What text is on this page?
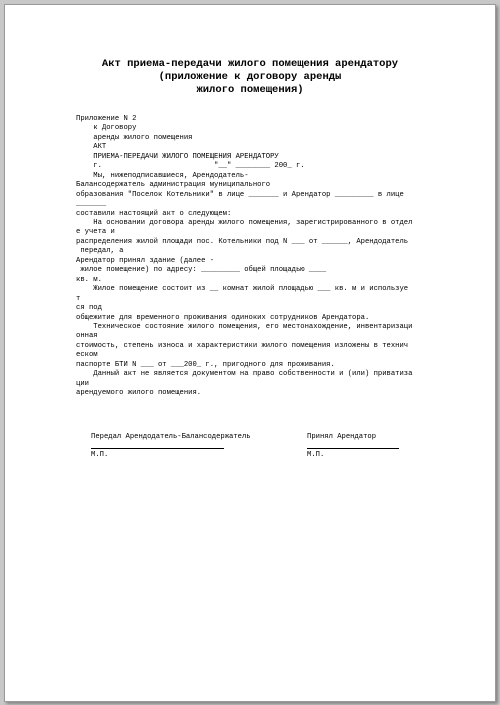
Акт приема-передачи жилого помещения арендатору
(приложение к договору аренды
жилого помещения)
Приложение N 2
к Договору
аренды жилого помещения
АКТ
ПРИЕМА-ПЕРЕДАЧИ ЖИЛОГО ПОМЕЩЕНИЯ АРЕНДАТОРУ
г.                          "__" ________ 200_ г.
Мы, нижеподписавшиеся, Арендодатель-
Балансодержатель администрация муниципального
образования "Поселок Котельники" в лице _______ и Арендатор _________ в лице
_______
составили настоящий акт о следующем:
На основании договора аренды жилого помещения, зарегистрированного в отдел
е учета и
распределения жилой площади пос. Котельники под N ___ от ______, Арендодатель
передал, а
Арендатор принял здание (далее -
жилое помещение) по адресу: _________ общей площадью ____
кв. м.
Жилое помещение состоит из __ комнат жилой площадью ___ кв. м и используе
т
ся под
общежитие для временного проживания одиноких сотрудников Арендатора.
Техническое состояние жилого помещения, его местонахождение, инвентаризаци
онная
стоимость, степень износа и характеристики жилого помещения изложены в технич
еском
паспорте БТИ N ___ от ___200_ г., пригодного для проживания.
Данный акт не является документом на право собственности и (или) приватиза
ции
арендуемого жилого помещения.
Передал Арендодатель-Балансодержатель	Принял Арендатор
М.П.	М.П.
